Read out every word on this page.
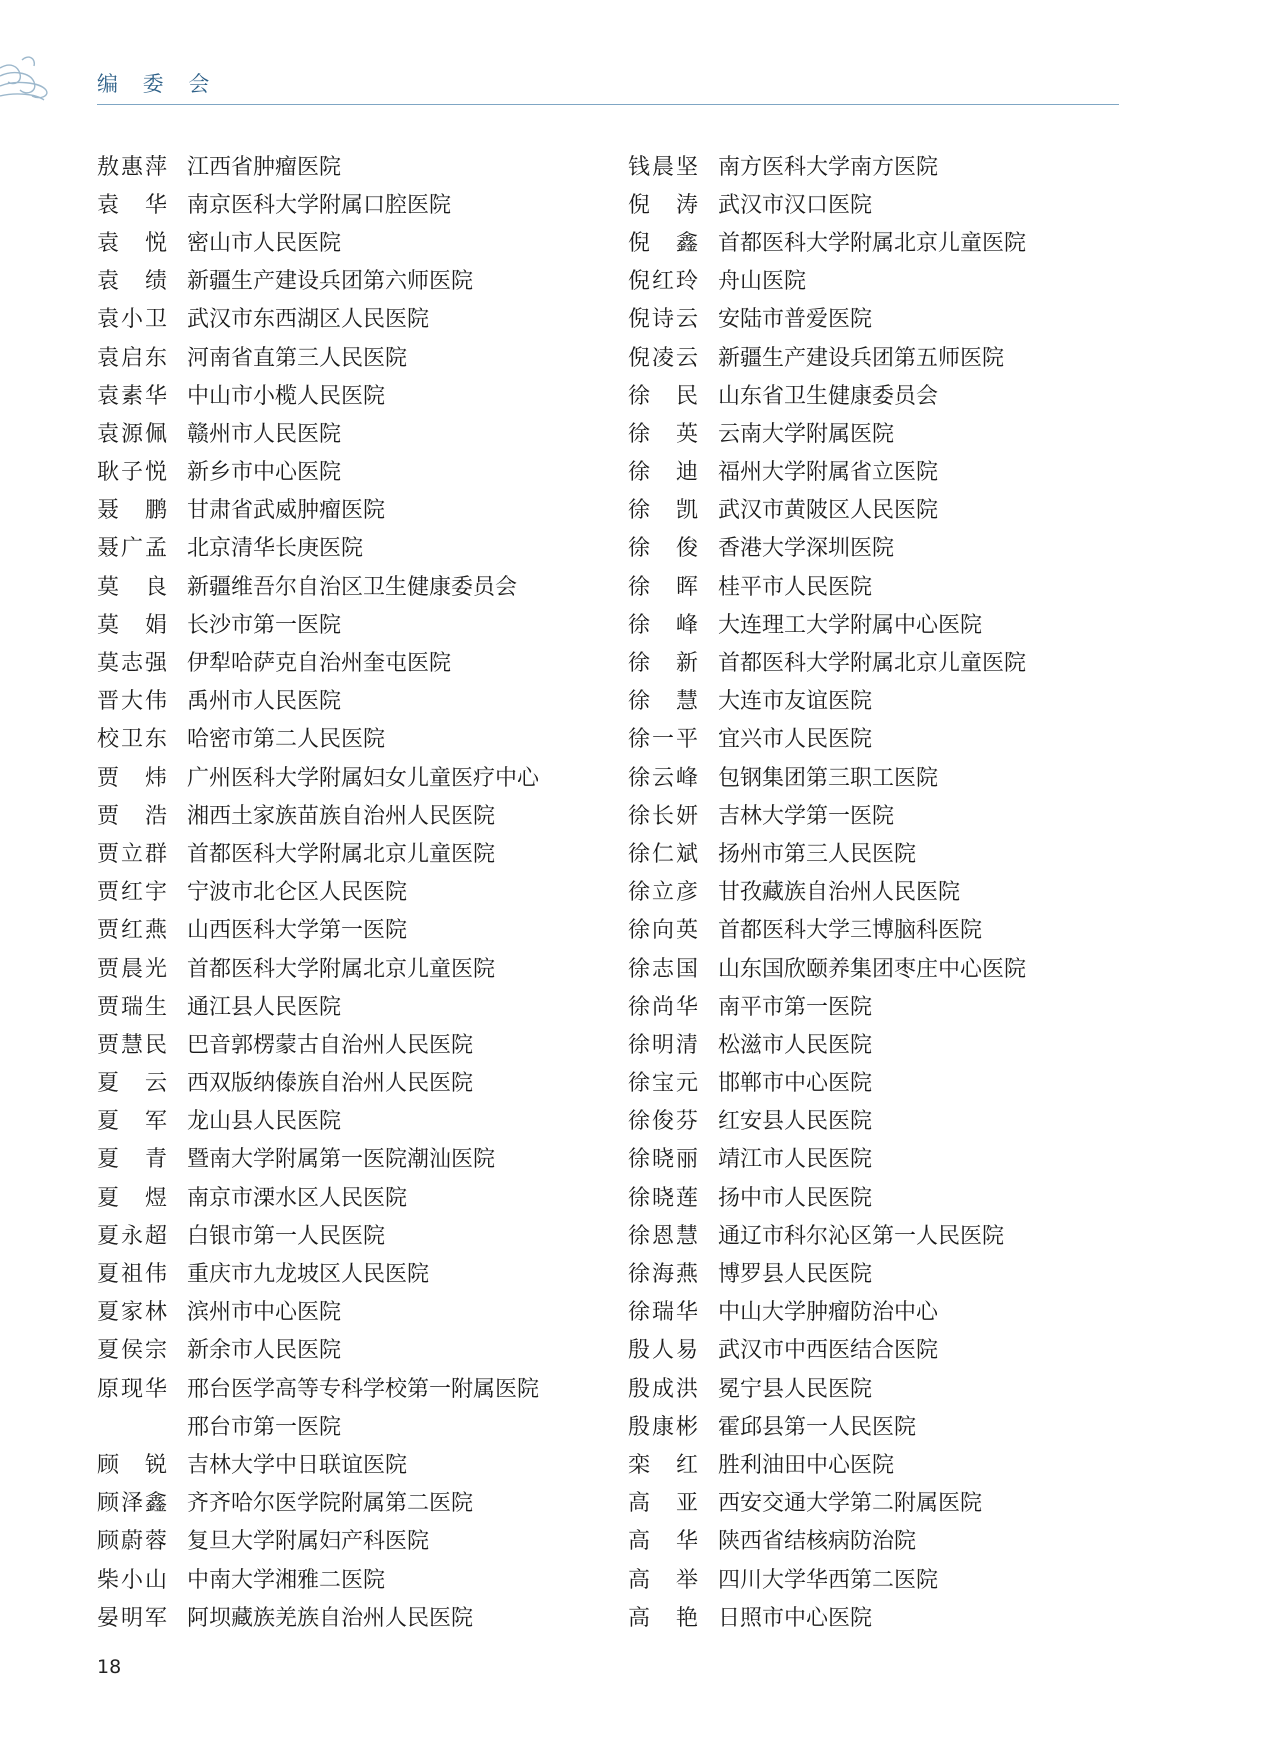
编 委 会
敖惠萍 江西省肿瘤医院
袁　华 南京医科大学附属口腔医院
袁　悦 密山市人民医院
袁　绩 新疆生产建设兵团第六师医院
袁小卫 武汉市东西湖区人民医院
袁启东 河南省直第三人民医院
袁素华 中山市小榄人民医院
袁源佩 赣州市人民医院
耿子悦 新乡市中心医院
聂　鹏 甘肃省武威肿瘤医院
聂广孟 北京清华长庚医院
莫　良 新疆维吾尔自治区卫生健康委员会
莫　娟 长沙市第一医院
莫志强 伊犁哈萨克自治州奎屯医院
晋大伟 禹州市人民医院
校卫东 哈密市第二人民医院
贾　炜 广州医科大学附属妇女儿童医疗中心
贾　浩 湘西土家族苗族自治州人民医院
贾立群 首都医科大学附属北京儿童医院
贾红宇 宁波市北仑区人民医院
贾红燕 山西医科大学第一医院
贾晨光 首都医科大学附属北京儿童医院
贾瑞生 通江县人民医院
贾慧民 巴音郭楞蒙古自治州人民医院
夏　云 西双版纳傣族自治州人民医院
夏　军 龙山县人民医院
夏　青 暨南大学附属第一医院潮汕医院
夏　煜 南京市溧水区人民医院
夏永超 白银市第一人民医院
夏祖伟 重庆市九龙坡区人民医院
夏家林 滨州市中心医院
夏侯宗 新余市人民医院
原现华 邢台医学高等专科学校第一附属医院
邢台市第一医院
顾　锐 吉林大学中日联谊医院
顾泽鑫 齐齐哈尔医学院附属第二医院
顾蔚蓉 复旦大学附属妇产科医院
柴小山 中南大学湘雅二医院
晏明军 阿坝藏族羌族自治州人民医院
钱晨坚 南方医科大学南方医院
倪　涛 武汉市汉口医院
倪　鑫 首都医科大学附属北京儿童医院
倪红玲 舟山医院
倪诗云 安陆市普爱医院
倪凌云 新疆生产建设兵团第五师医院
徐　民 山东省卫生健康委员会
徐　英 云南大学附属医院
徐　迪 福州大学附属省立医院
徐　凯 武汉市黄陂区人民医院
徐　俊 香港大学深圳医院
徐　晖 桂平市人民医院
徐　峰 大连理工大学附属中心医院
徐　新 首都医科大学附属北京儿童医院
徐　慧 大连市友谊医院
徐一平 宜兴市人民医院
徐云峰 包钢集团第三职工医院
徐长妍 吉林大学第一医院
徐仁斌 扬州市第三人民医院
徐立彦 甘孜藏族自治州人民医院
徐向英 首都医科大学三博脑科医院
徐志国 山东国欣颐养集团枣庄中心医院
徐尚华 南平市第一医院
徐明清 松滋市人民医院
徐宝元 邯郸市中心医院
徐俊芬 红安县人民医院
徐晓丽 靖江市人民医院
徐晓莲 扬中市人民医院
徐恩慧 通辽市科尔沁区第一人民医院
徐海燕 博罗县人民医院
徐瑞华 中山大学肿瘤防治中心
殷人易 武汉市中西医结合医院
殷成洪 冕宁县人民医院
殷康彬 霍邱县第一人民医院
栾　红 胜利油田中心医院
高　亚 西安交通大学第二附属医院
高　华 陕西省结核病防治院
高　举 四川大学华西第二医院
高　艳 日照市中心医院
18
